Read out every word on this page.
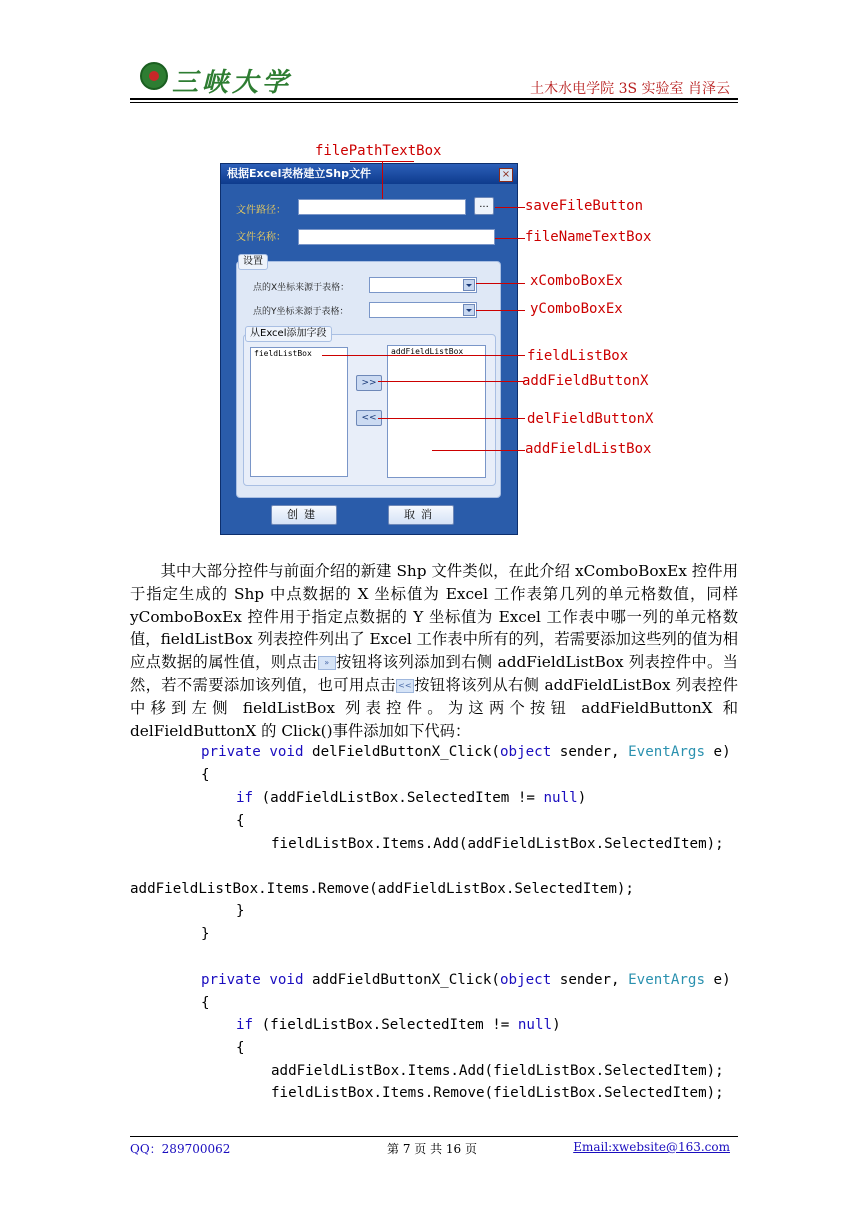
三峡大学	土木水电学院 3S 实验室 肖泽云
根据Excel表格建立Shp文件	×
文件路径：
...
文件名称：
设置
点的X坐标来源于表格：
点的Y坐标来源于表格：
从Excel添加字段
fieldListBox
>>
<<
addFieldListBox
创建	取消
filePathTextBox
saveFileButton
fileNameTextBox
xComboBoxEx
yComboBoxEx
fieldListBox
addFieldButtonX
delFieldButtonX
addFieldListBox

其中大部分控件与前面介绍的新建 Shp 文件类似，在此介绍 xComboBoxEx 控件用于指定生成的 Shp 中点数据的 X 坐标值为 Excel 工作表第几列的单元格数值，同样 yComboBoxEx 控件用于指定点数据的 Y 坐标值为 Excel 工作表中哪一列的单元格数值，fieldListBox 列表控件列出了 Excel 工作表中所有的列，若需要添加这些列的值为相应点数据的属性值，则点击 » 按钮将该列添加到右侧 addFieldListBox 列表控件中。当然，若不需要添加该列值，也可用点击 << 按钮将该列从右侧 addFieldListBox 列表控件中移到左侧 fieldListBox 列表控件。为这两个按钮 addFieldButtonX 和 delFieldButtonX 的 Click()事件添加如下代码：

private void delFieldButtonX_Click(object sender, EventArgs e)
{
if (addFieldListBox.SelectedItem != null)
{
fieldListBox.Items.Add(addFieldListBox.SelectedItem);
addFieldListBox.Items.Remove(addFieldListBox.SelectedItem);
}
}
private void addFieldButtonX_Click(object sender, EventArgs e)
{
if (fieldListBox.SelectedItem != null)
{
addFieldListBox.Items.Add(fieldListBox.SelectedItem);
fieldListBox.Items.Remove(fieldListBox.SelectedItem);
QQ：289700062	第 7 页 共 16 页	Email:xwebsite@163.com
